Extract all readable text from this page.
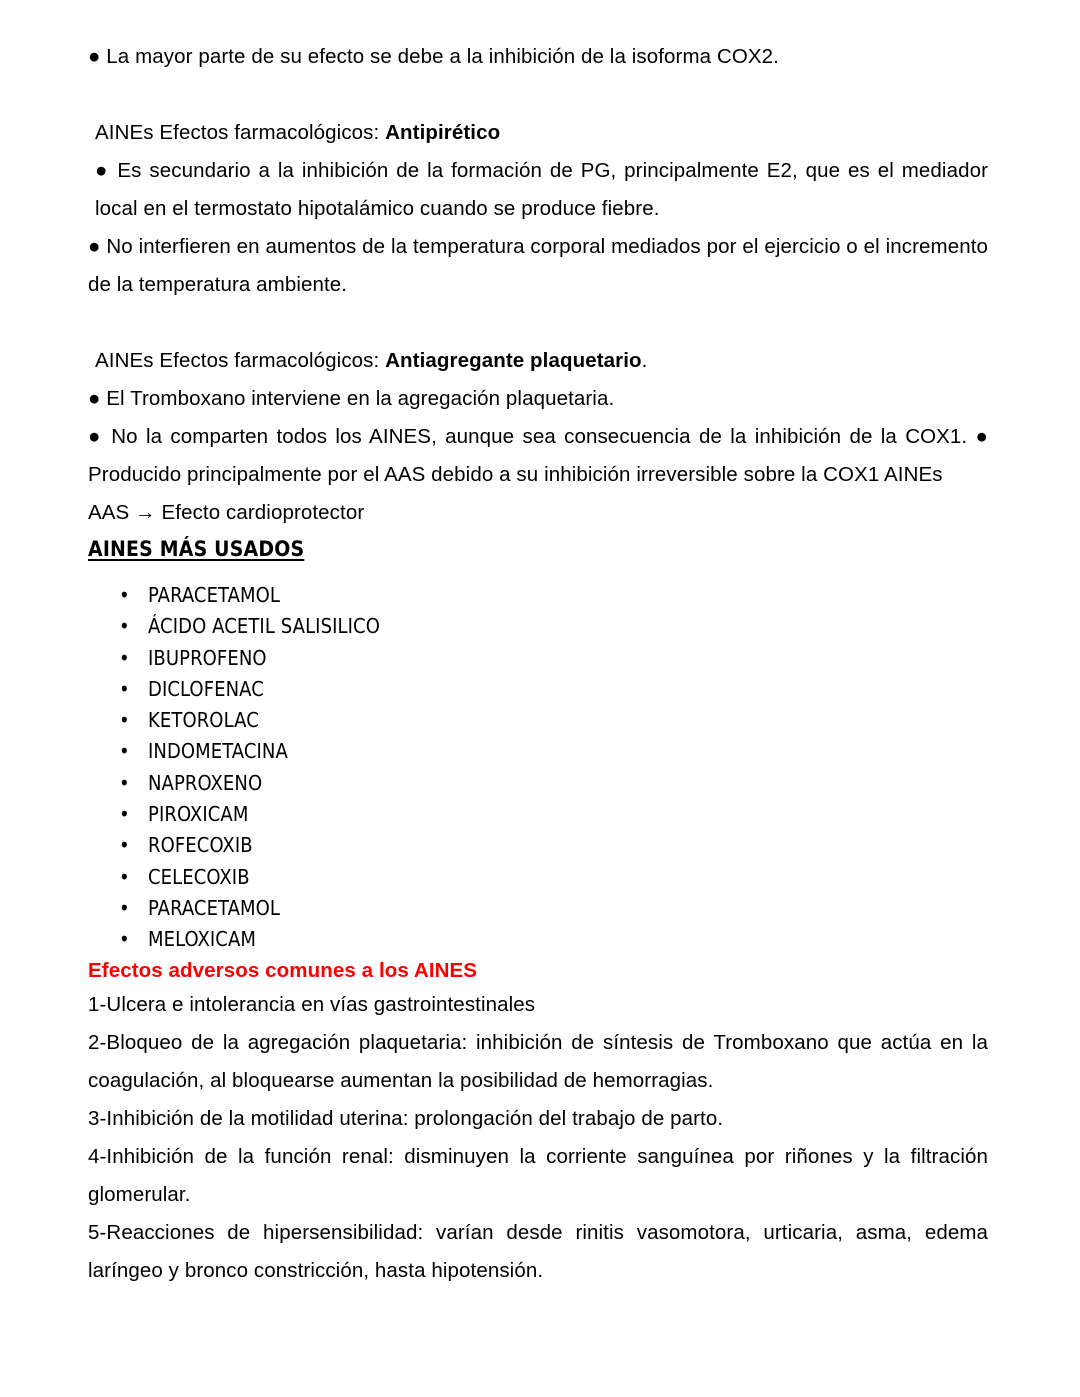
● La mayor parte de su efecto se debe a la inhibición de la isoforma COX2.

AINEs Efectos farmacológicos: Antipirético

● Es secundario a la inhibición de la formación de PG, principalmente E2, que es el mediador local en el termostato hipotalámico cuando se produce fiebre.

● No interfieren en aumentos de la temperatura corporal mediados por el ejercicio o el incremento de la temperatura ambiente.

AINEs Efectos farmacológicos: Antiagregante plaquetario.

● El Tromboxano interviene en la agregación plaquetaria.

● No la comparten todos los AINES, aunque sea consecuencia de la inhibición de la COX1. ● Producido principalmente por el AAS debido a su inhibición irreversible sobre la COX1 AINEs

AAS → Efecto cardioprotector

AINES MÁS USADOS
• PARACETAMOL
• ÁCIDO ACETIL SALISILICO
• IBUPROFENO
• DICLOFENAC
• KETOROLAC
• INDOMETACINA
• NAPROXENO
• PIROXICAM
• ROFECOXIB
• CELECOXIB
• PARACETAMOL
• MELOXICAM

Efectos adversos comunes a los AINES

1-Ulcera e intolerancia en vías gastrointestinales

2-Bloqueo de la agregación plaquetaria: inhibición de síntesis de Tromboxano que actúa en la coagulación, al bloquearse aumentan la posibilidad de hemorragias.

3-Inhibición de la motilidad uterina: prolongación del trabajo de parto.

4-Inhibición de la función renal: disminuyen la corriente sanguínea por riñones y la filtración glomerular.

5-Reacciones de hipersensibilidad: varían desde rinitis vasomotora, urticaria, asma, edema laríngeo y bronco constricción, hasta hipotensión.
